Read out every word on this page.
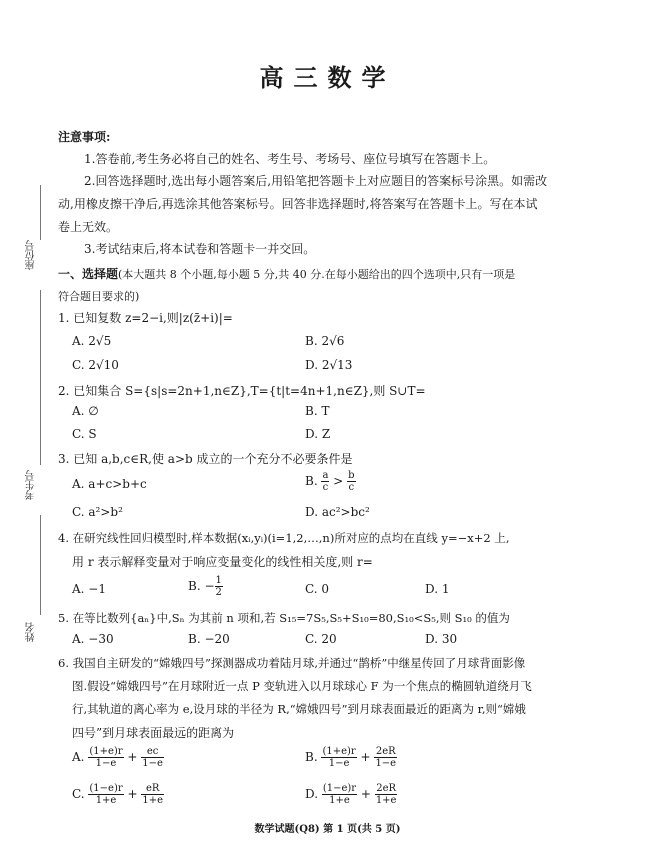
高三数学
座位号
考生号
姓名
注意事项:
1.答卷前,考生务必将自己的姓名、考生号、考场号、座位号填写在答题卡上。
2.回答选择题时,选出每小题答案后,用铅笔把答题卡上对应题目的答案标号涂黑。如需改
动,用橡皮擦干净后,再选涂其他答案标号。回答非选择题时,将答案写在答题卡上。写在本试
卷上无效。
3.考试结束后,将本试卷和答题卡一并交回。
一、选择题(本大题共 8 个小题,每小题 5 分,共 40 分.在每小题给出的四个选项中,只有一项是
符合题目要求的)
1. 已知复数 z=2−i,则|z(z̄+i)|=
A. 2√5	B. 2√6
C. 2√10	D. 2√13
2. 已知集合 S={s|s=2n+1,n∈Z},T={t|t=4n+1,n∈Z},则 S∪T=
A. ∅	B. T
C. S	D. Z
3. 已知 a,b,c∈R,使 a>b 成立的一个充分不必要条件是
A. a+c>b+c	B. $\frac{a}{c} > \frac{b}{c}$
C. a²>b²	D. ac²>bc²
4. 在研究线性回归模型时,样本数据(xᵢ,yᵢ)(i=1,2,…,n)所对应的点均在直线 y=−x+2 上,
用 r 表示解释变量对于响应变量变化的线性相关度,则 r=
A. −1	B. − $\frac{1}{2}$	C. 0	D. 1
5. 在等比数列{aₙ}中,Sₙ 为其前 n 项和,若 S₁₅=7S₅,S₅+S₁₀=80,S₁₀<S₅,则 S₁₀ 的值为
A. −30	B. −20	C. 20	D. 30
6. 我国自主研发的“嫦娥四号”探测器成功着陆月球,并通过“鹊桥”中继星传回了月球背面影像
图.假设“嫦娥四号”在月球附近一点 P 变轨进入以月球球心 F 为一个焦点的椭圆轨道绕月飞
行,其轨道的离心率为 e,设月球的半径为 R,“嫦娥四号”到月球表面最近的距离为 r,则“嫦娥
四号”到月球表面最远的距离为
A. $\frac{(1+e)r}{1-e} + \frac{ec}{1-e}$	B. $\frac{(1+e)r}{1-e} + \frac{2eR}{1-e}$
C. $\frac{(1-e)r}{1+e} + \frac{eR}{1+e}$	D. $\frac{(1-e)r}{1+e} + \frac{2eR}{1+e}$
数学试题(Q8) 第 1 页(共 5 页)
